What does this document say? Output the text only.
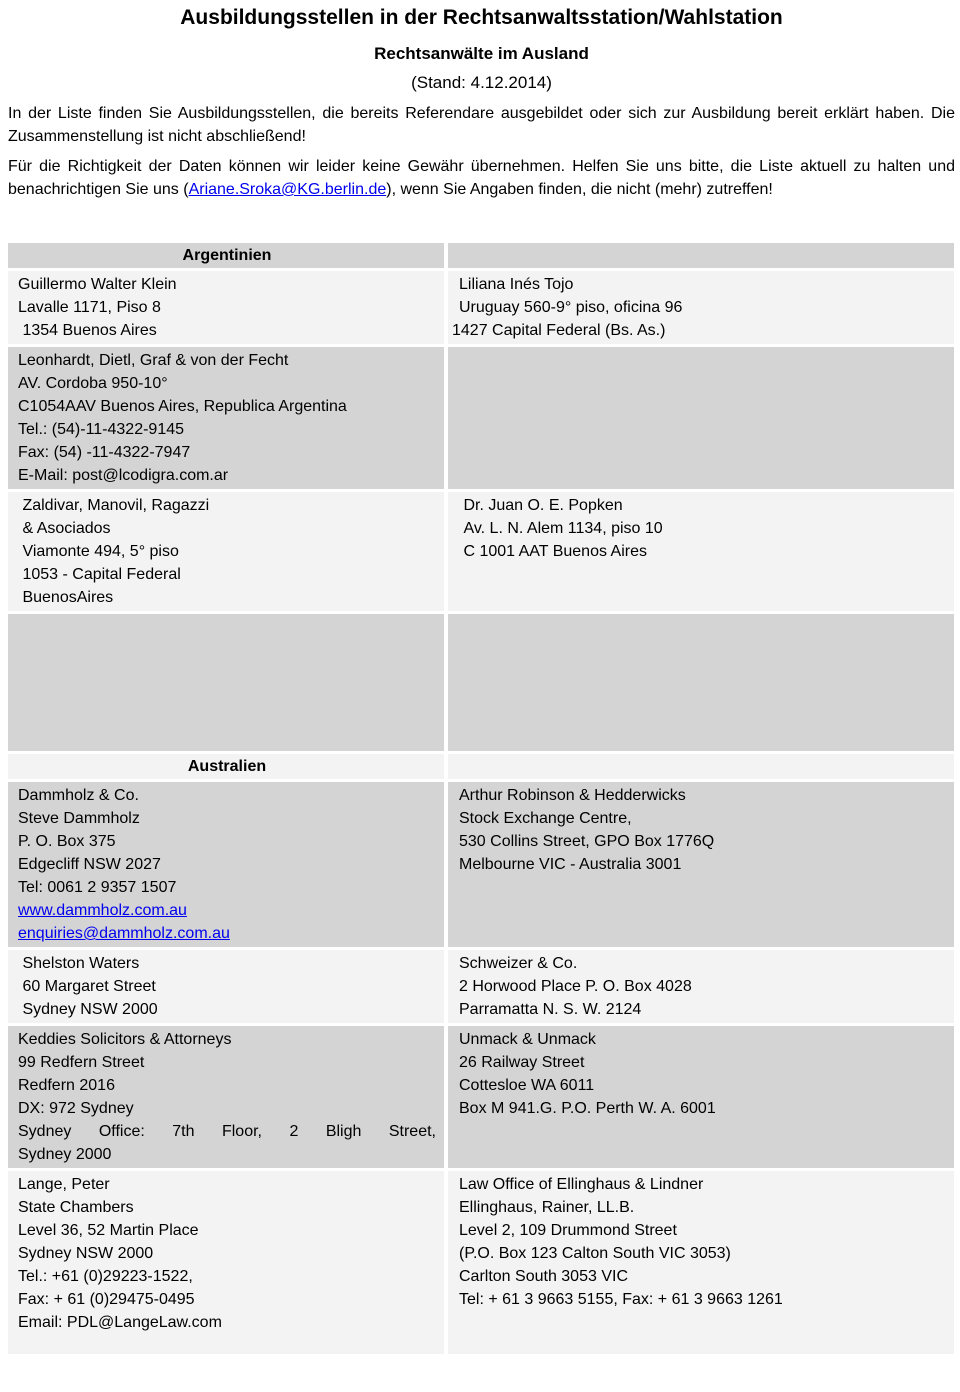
Ausbildungsstellen in der Rechtsanwaltsstation/Wahlstation
Rechtsanwälte im Ausland
(Stand: 4.12.2014)
In der Liste finden Sie Ausbildungsstellen, die bereits Referendare ausgebildet oder sich zur Ausbildung bereit erklärt haben. Die Zusammenstellung ist nicht abschließend!
Für die Richtigkeit der Daten können wir leider keine Gewähr übernehmen. Helfen Sie uns bitte, die Liste aktuell zu halten und benachrichtigen Sie uns (Ariane.Sroka@KG.berlin.de), wenn Sie Angaben finden, die nicht (mehr) zutreffen!
Argentinien
Guillermo Walter Klein
Lavalle 1171, Piso 8
1354 Buenos Aires
Liliana Inés Tojo
Uruguay 560-9° piso, oficina 96
1427 Capital Federal (Bs. As.)
Leonhardt, Dietl, Graf & von der Fecht
AV. Cordoba 950-10°
C1054AAV Buenos Aires, Republica Argentina
Tel.: (54)-11-4322-9145
Fax: (54) -11-4322-7947
E-Mail: post@lcodigra.com.ar
Zaldivar, Manovil, Ragazzi
& Asociados
Viamonte 494, 5° piso
1053 - Capital Federal
BuenosAires
Dr. Juan O. E. Popken
Av. L. N. Alem 1134, piso 10
C 1001 AAT Buenos Aires
Australien
Dammholz & Co.
Steve Dammholz
P. O. Box 375
Edgecliff NSW 2027
Tel: 0061 2 9357 1507
www.dammholz.com.au
enquiries@dammholz.com.au
Arthur Robinson & Hedderwicks
Stock Exchange Centre,
530 Collins Street, GPO Box 1776Q
Melbourne VIC - Australia 3001
Shelston Waters
60 Margaret Street
Sydney NSW 2000
Schweizer & Co.
2 Horwood Place P. O. Box 4028
Parramatta N. S. W. 2124
Keddies Solicitors & Attorneys
99 Redfern Street
Redfern 2016
DX: 972 Sydney
Sydney Office: 7th Floor, 2 Bligh Street,
Sydney 2000
Unmack & Unmack
26 Railway Street
Cottesloe WA 6011
Box M 941.G. P.O. Perth W. A. 6001
Lange, Peter
State Chambers
Level 36, 52 Martin Place
Sydney NSW 2000
Tel.: +61 (0)29223-1522,
Fax: + 61 (0)29475-0495
Email: PDL@LangeLaw.com
Law Office of Ellinghaus & Lindner
Ellinghaus, Rainer, LL.B.
Level 2, 109 Drummond Street
(P.O. Box 123 Calton South VIC 3053)
Carlton South 3053 VIC
Tel: + 61 3 9663 5155, Fax: + 61 3 9663 1261
